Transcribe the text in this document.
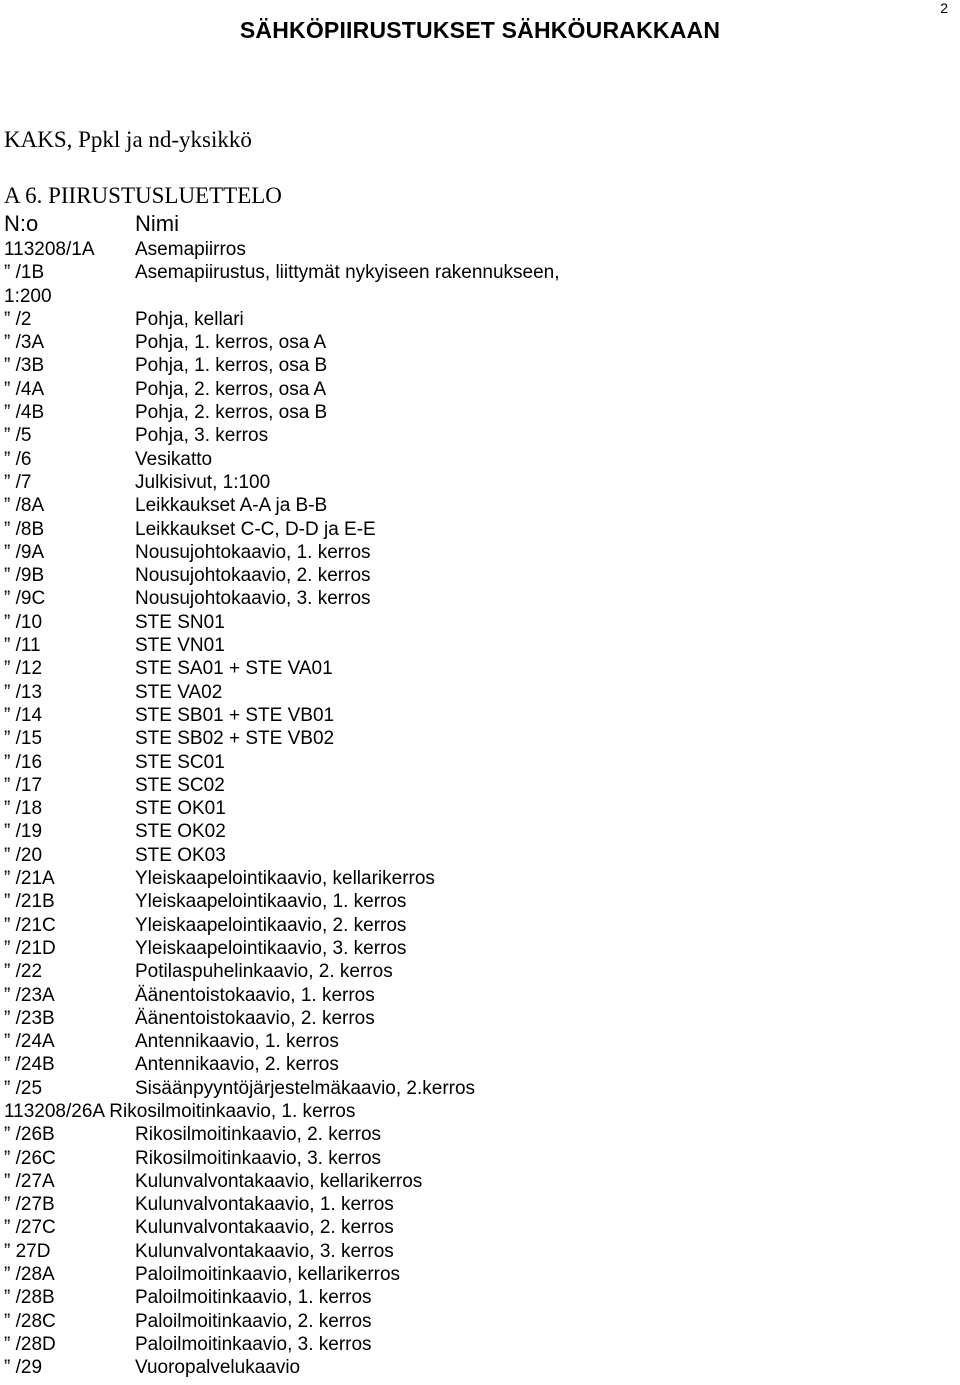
2
SÄHKÖPIIRUSTUKSET SÄHKÖURAKKAAN
KAKS, Ppkl ja nd-yksikkö
A 6. PIIRUSTUSLUETTELO
N:o	Nimi
113208/1A Asemapiirros
” /1B	Asemapiirustus, liittymät nykyiseen rakennukseen,
1:200
” /2	Pohja, kellari
” /3A	Pohja, 1. kerros, osa A
” /3B	Pohja, 1. kerros, osa B
” /4A	Pohja, 2. kerros, osa A
” /4B	Pohja, 2. kerros, osa B
” /5	Pohja, 3. kerros
” /6	Vesikatto
” /7	Julkisivut, 1:100
” /8A	Leikkaukset A-A ja B-B
” /8B	Leikkaukset C-C, D-D ja E-E
” /9A	Nousujohtokaavio, 1. kerros
” /9B	Nousujohtokaavio, 2. kerros
” /9C	Nousujohtokaavio, 3. kerros
” /10	STE SN01
” /11	STE VN01
” /12	STE SA01 + STE VA01
” /13	STE VA02
” /14	STE SB01 + STE VB01
” /15	STE SB02 + STE VB02
” /16	STE SC01
” /17	STE SC02
” /18	STE OK01
” /19	STE OK02
” /20	STE OK03
” /21A	Yleiskaapelointikaavio, kellarikerros
” /21B	Yleiskaapelointikaavio, 1. kerros
” /21C	Yleiskaapelointikaavio, 2. kerros
” /21D	Yleiskaapelointikaavio, 3. kerros
” /22	Potilaspuhelinkaavio, 2. kerros
” /23A	Äänentoistokaavio, 1. kerros
” /23B	Äänentoistokaavio, 2. kerros
” /24A	Antennikaavio, 1. kerros
” /24B	Antennikaavio, 2. kerros
” /25	Sisäänpyyntöjärjestelmäkaavio, 2.kerros
113208/26A Rikosilmoitinkaavio, 1. kerros
” /26B	Rikosilmoitinkaavio, 2. kerros
” /26C	Rikosilmoitinkaavio, 3. kerros
” /27A	Kulunvalvontakaavio, kellarikerros
” /27B	Kulunvalvontakaavio, 1. kerros
” /27C	Kulunvalvontakaavio, 2. kerros
” 27D	Kulunvalvontakaavio, 3. kerros
” /28A	Paloilmoitinkaavio, kellarikerros
” /28B	Paloilmoitinkaavio, 1. kerros
” /28C	Paloilmoitinkaavio, 2. kerros
” /28D	Paloilmoitinkaavio, 3. kerros
” /29	Vuoropalvelukaavio
